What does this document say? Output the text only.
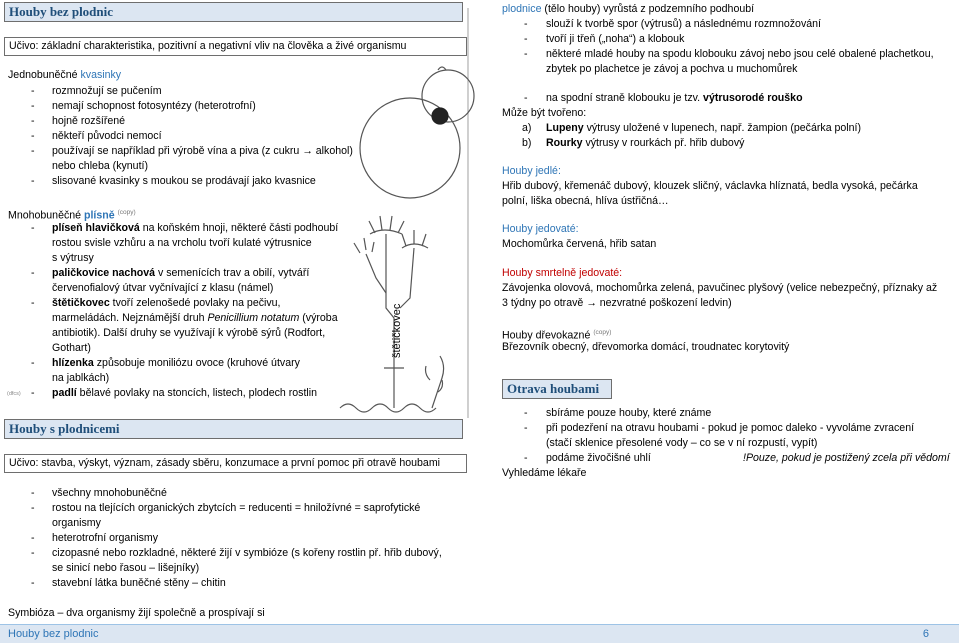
Houby bez plodnic
Učivo: základní charakteristika, pozitivní a negativní vliv na člověka a živé organismu
Jednobuněčné kvasinky
- rozmnožují se pučením
- nemají schopnost fotosyntézy (heterotrofní)
- hojně rozšířené
- někteří původci nemocí
- používají se například při výrobě vína a piva (z cukru → alkohol)
nebo chleba (kynutí)
- slisované kvasinky s moukou se prodávají jako kvasnice
Mnohobuněčné plísně $^{(copy)}$
- plíseň hlavičková na koňském hnoji, některé části podhoubí
rostou svisle vzhůru a na vrcholu tvoří kulaté výtrusnice
s výtrusy
- paličkovice nachová v semenících trav a obilí, vytváří
červenofialový útvar vyčnívající z klasu (námel)
- štětičkovec tvoří zelenošedé povlaky na pečivu,
marmeládách. Nejznámější druh Penicillium notatum (výroba
antibiotik). Další druhy se využívají k výrobě sýrů (Rodfort,
Gothart)
- hlízenka způsobuje moniliózu ovoce (kruhové útvary
na jablkách)
- padlí bělavé povlaky na stoncích, listech, plodech rostlin
(dfcs)
štětičkovec
Houby s plodnicemi
Učivo: stavba, výskyt, význam, zásady sběru, konzumace a první pomoc při otravě houbami
- všechny mnohobuněčné
- rostou na tlejících organických zbytcích = reducenti = hniložívné = saprofytické
organismy
- heterotrofní organismy
- cizopasné nebo rozkladné, některé žijí v symbióze (s kořeny rostlin př. hřib dubový,
se sinicí nebo řasou – lišejníky)
- stavební látka buněčné stěny – chitin
Symbióza – dva organismy žijí společně a prospívají si
plodnice (tělo houby) vyrůstá z podzemního podhoubí
- slouží k tvorbě spor (výtrusů) a následnému rozmnožování
- tvoří ji třeň („noha“) a klobouk
- některé mladé houby na spodu klobouku závoj nebo jsou celé obalené plachetkou,
zbytek po plachetce je závoj a pochva u muchomůrek
- na spodní straně klobouku je tzv. výtrusorodé rouško
Může být tvořeno:
a) Lupeny výtrusy uložené v lupenech, např. žampion (pečárka polní)
b) Rourky výtrusy v rourkách př. hřib dubový
Houby jedlé:
Hřib dubový, křemenáč dubový, klouzek sličný, václavka hlíznatá, bedla vysoká, pečárka
polní, liška obecná, hlíva ústřičná…
Houby jedovaté:
Mochomůrka červená, hřib satan
Houby smrtelně jedovaté:
Závojenka olovová, mochomůrka zelená, pavučinec plyšový (velice nebezpečný, příznaky až
3 týdny po otravě → nezvratné poškození ledvin)
Houby dřevokazné $^{(copy)}$
Březovník obecný, dřevomorka domácí, troudnatec korytovitý
Otrava houbami
- sbíráme pouze houby, které známe
- při podezření na otravu houbami - pokud je pomoc daleko - vyvoláme zvracení
(stačí sklenice přesolené vody – co se v ní rozpustí, vypít)
- podáme živočišné uhlí	!Pouze, pokud je postižený zcela při vědomí
Vyhledáme lékaře
Houby bez plodnic	6
